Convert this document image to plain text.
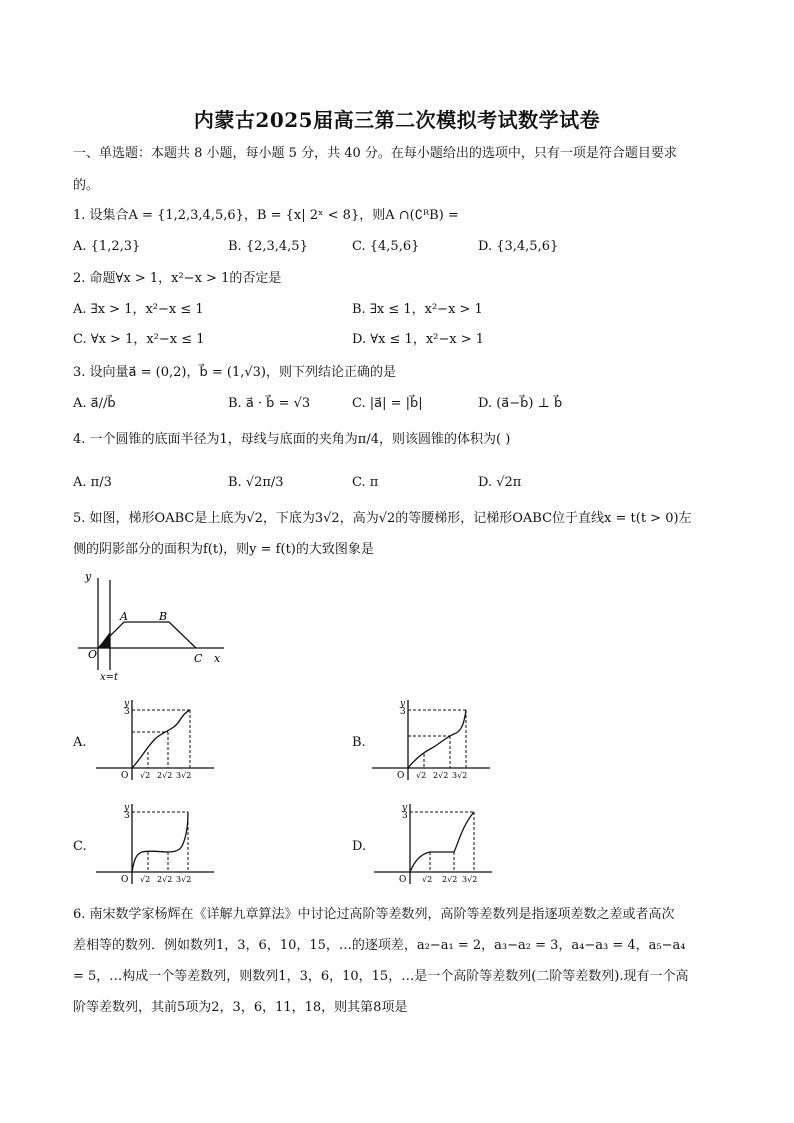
内蒙古2025届高三第二次模拟考试数学试卷
一、单选题：本题共 8 小题，每小题 5 分，共 40 分。在每小题给出的选项中，只有一项是符合题目要求
的。
1. 设集合A = {1,2,3,4,5,6}，B = {x| 2ˣ < 8}，则A ∩(∁ᴿB) =
A. {1,2,3}	B. {2,3,4,5}	C. {4,5,6}	D. {3,4,5,6}
2. 命题∀x > 1，x²−x > 1的否定是
A. ∃x > 1，x²−x ≤ 1	B. ∃x ≤ 1，x²−x > 1
C. ∀x > 1，x²−x ≤ 1	D. ∀x ≤ 1，x²−x > 1
3. 设向量a⃗ = (0,2)，b⃗ = (1,√3)，则下列结论正确的是
A. a⃗//b⃗	B. a⃗ · b⃗ = √3	C. |a⃗| = |b⃗|	D. (a⃗−b⃗) ⊥ b⃗
4. 一个圆锥的底面半径为1，母线与底面的夹角为π/4，则该圆锥的体积为( )
A. π/3	B. √2π/3	C. π	D. √2π
5. 如图，梯形OABC是上底为√2，下底为3√2，高为√2的等腰梯形，记梯形OABC位于直线x = t(t > 0)左
侧的阴影部分的面积为f(t)，则y = f(t)的大致图象是
y
O
A	B
C x
x=t
A.
y
3
O √2 2√2 3√2
B.
y
3
O √2 2√2 3√2
C.
y
3
O √2 2√2 3√2
D.
y
3
O √2 2√2 3√2
6. 南宋数学家杨辉在《详解九章算法》中讨论过高阶等差数列，高阶等差数列是指逐项差数之差或者高次
差相等的数列．例如数列1，3，6，10，15，…的逐项差，a₂−a₁ = 2，a₃−a₂ = 3，a₄−a₃ = 4，a₅−a₄
= 5，…构成一个等差数列，则数列1，3，6，10，15，…是一个高阶等差数列(二阶等差数列).现有一个高
阶等差数列，其前5项为2，3，6，11，18，则其第8项是
